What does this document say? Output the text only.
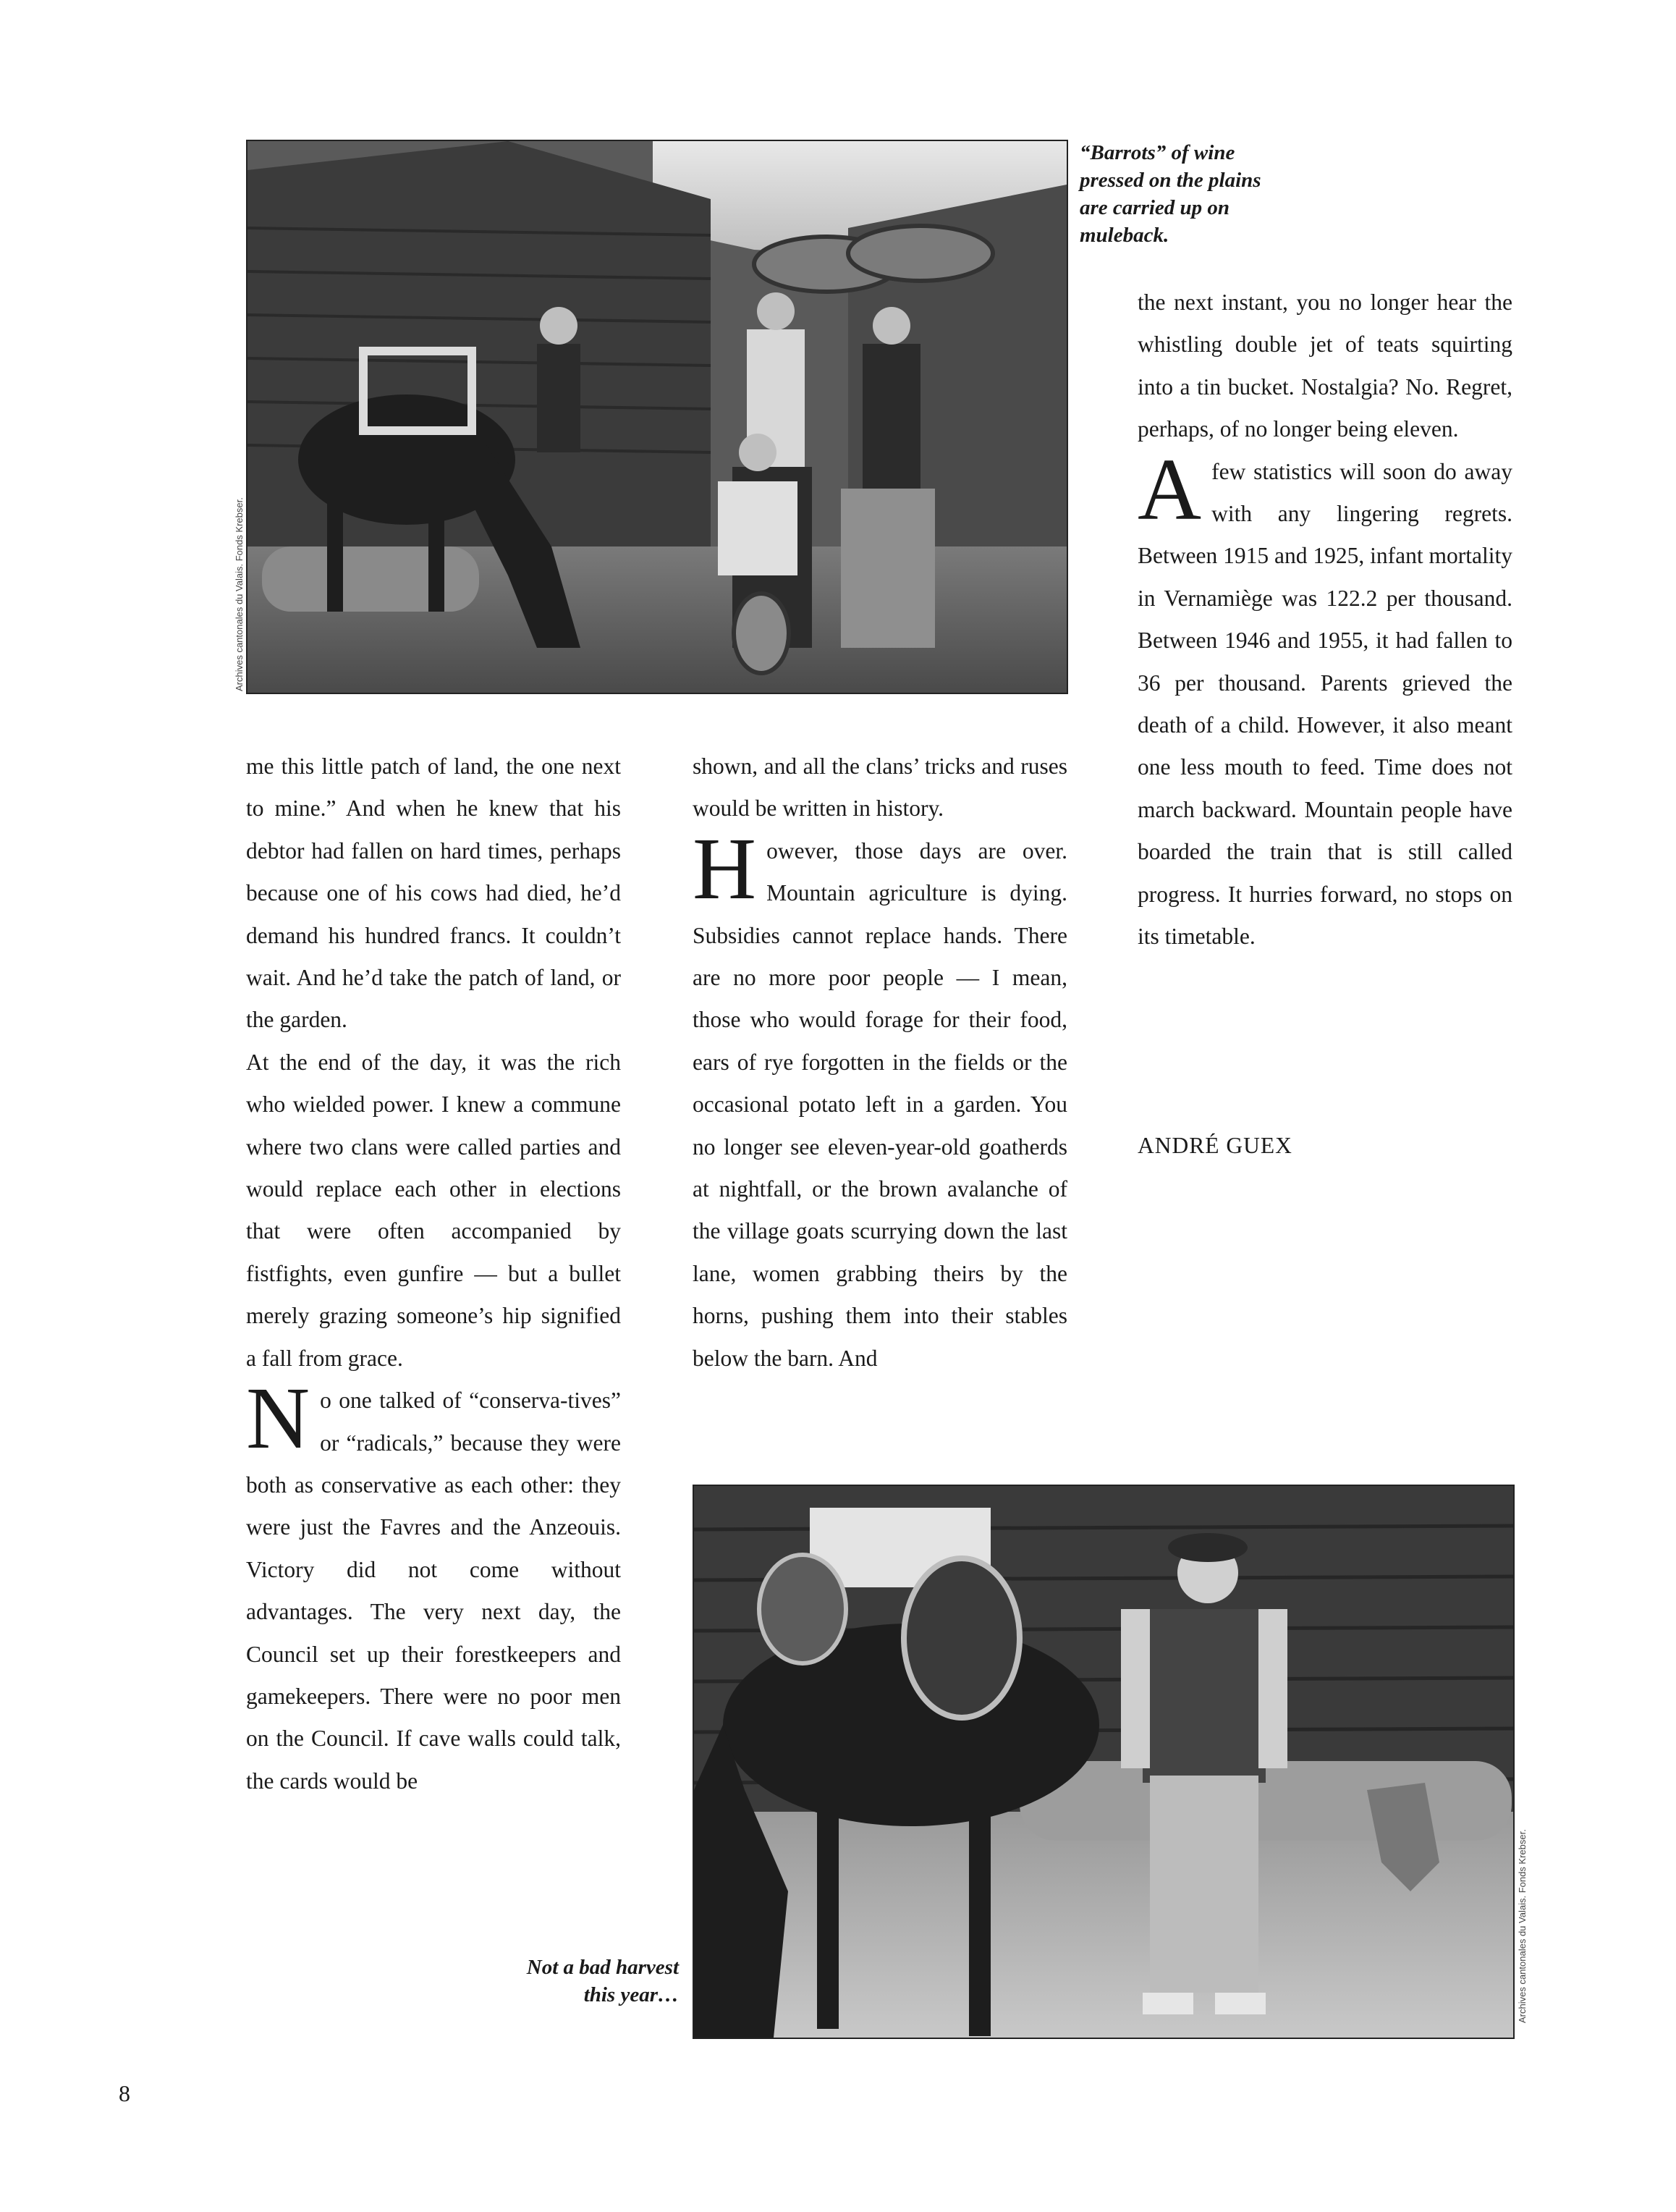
Archives cantonales du Valais. Fonds Krebser.
“Barrots” of wine
pressed on the plains
are carried up on
muleback.

the next instant, you no longer hear the whistling double jet of teats squirting into a tin bucket. Nostalgia? No. Regret, perhaps, of no longer being eleven.

Afew statistics will soon do away with any lingering regrets. Between 1915 and 1925, infant mortality in Vernamiège was 122.2 per thousand. Between 1946 and 1955, it had fallen to 36 per thousand. Parents grieved the death of a child. However, it also meant one less mouth to feed. Time does not march backward. Mountain people have boarded the train that is still called progress. It hurries forward, no stops on its timetable.

ANDRÉ GUEX

me this little patch of land, the one next to mine.” And when he knew that his debtor had fallen on hard times, perhaps because one of his cows had died, he’d demand his hundred francs. It couldn’t wait. And he’d take the patch of land, or the garden.

At the end of the day, it was the rich who wielded power. I knew a commune where two clans were called parties and would replace each other in elections that were often accompanied by fistfights, even gunfire — but a bullet merely grazing someone’s hip signified a fall from grace.

No one talked of “conserva-tives” or “radicals,” because they were both as conservative as each other: they were just the Favres and the Anzeouis. Victory did not come without advantages. The very next day, the Council set up their forestkeepers and gamekeepers. There were no poor men on the Council. If cave walls could talk, the cards would be

shown, and all the clans’ tricks and ruses would be written in history.

However, those days are over. Mountain agriculture is dying. Subsidies cannot replace hands. There are no more poor people — I mean, those who would forage for their food, ears of rye forgotten in the fields or the occasional potato left in a garden. You no longer see eleven-year-old goatherds at nightfall, or the brown avalanche of the village goats scurrying down the last lane, women grabbing theirs by the horns, pushing them into their stables below the barn. And

Archives cantonales du Valais. Fonds Krebser.
Not a bad harvest
this year…
8
